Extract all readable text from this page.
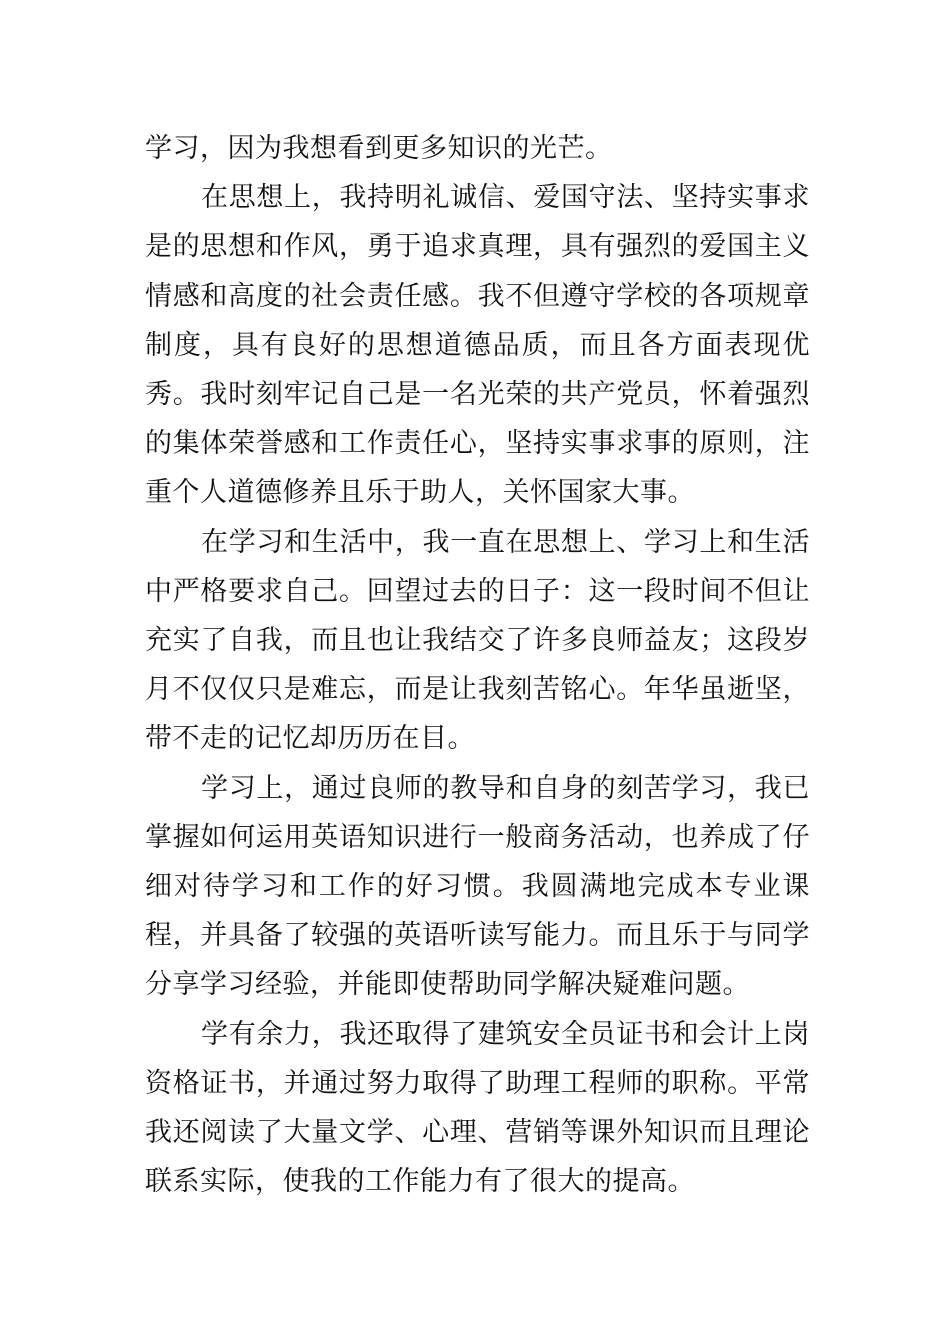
学习，因为我想看到更多知识的光芒。

在思想上，我持明礼诚信、爱国守法、坚持实事求是的思想和作风，勇于追求真理，具有强烈的爱国主义情感和高度的社会责任感。我不但遵守学校的各项规章制度，具有良好的思想道德品质，而且各方面表现优秀。我时刻牢记自己是一名光荣的共产党员，怀着强烈的集体荣誉感和工作责任心，坚持实事求事的原则，注重个人道德修养且乐于助人，关怀国家大事。

在学习和生活中，我一直在思想上、学习上和生活中严格要求自己。回望过去的日子：这一段时间不但让充实了自我，而且也让我结交了许多良师益友；这段岁月不仅仅只是难忘，而是让我刻苦铭心。年华虽逝坚，带不走的记忆却历历在目。

学习上，通过良师的教导和自身的刻苦学习，我已掌握如何运用英语知识进行一般商务活动，也养成了仔细对待学习和工作的好习惯。我圆满地完成本专业课程，并具备了较强的英语听读写能力。而且乐于与同学分享学习经验，并能即使帮助同学解决疑难问题。

学有余力，我还取得了建筑安全员证书和会计上岗资格证书，并通过努力取得了助理工程师的职称。平常我还阅读了大量文学、心理、营销等课外知识而且理论联系实际，使我的工作能力有了很大的提高。
